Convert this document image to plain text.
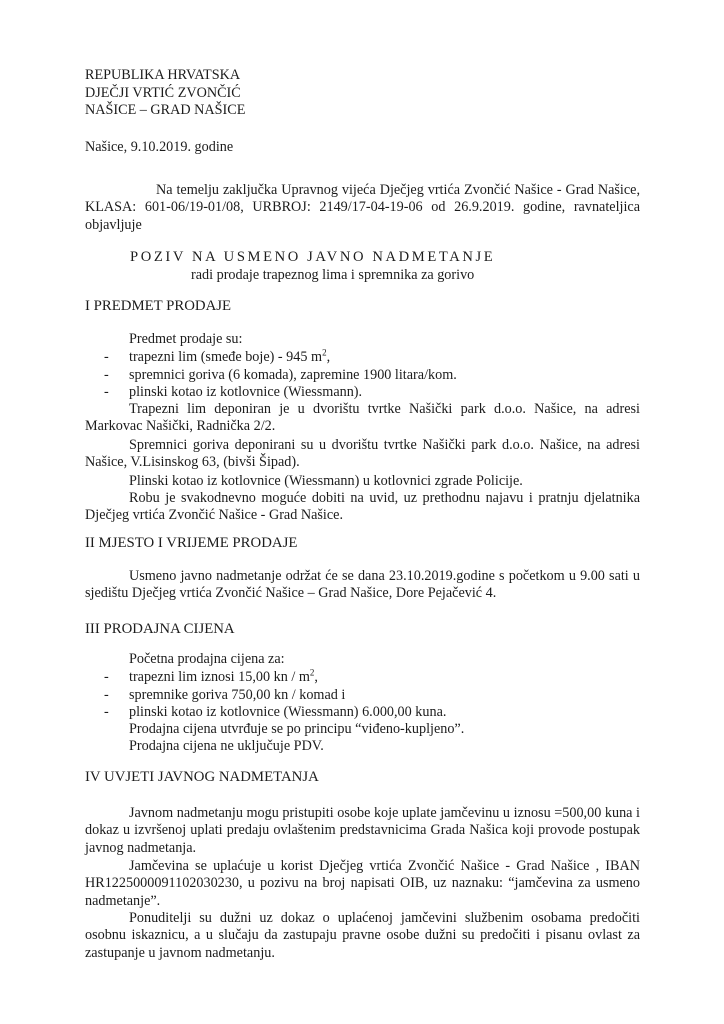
REPUBLIKA HRVATSKA
DJEČJI VRTIĆ ZVONČIĆ
NAŠICE – GRAD NAŠICE
Našice, 9.10.2019. godine
Na temelju zaključka Upravnog vijeća Dječjeg vrtića Zvončić Našice - Grad Našice, KLASA: 601-06/19-01/08, URBROJ: 2149/17-04-19-06 od 26.9.2019. godine, ravnateljica objavljuje
POZIV NA USMENO JAVNO NADMETANJE
radi prodaje trapeznog lima i spremnika za gorivo
I PREDMET PRODAJE
Predmet prodaje su:
- trapezni lim (smeđe boje) - 945 $m^2$,
- spremnici goriva (6 komada), zapremine 1900 litara/kom.
- plinski kotao iz kotlovnice (Wiessmann).
Trapezni lim deponiran je u dvorištu tvrtke Našički park d.o.o. Našice, na adresi Markovac Našički, Radnička 2/2.
Spremnici goriva deponirani su u dvorištu tvrtke Našički park d.o.o. Našice, na adresi Našice, V.Lisinskog 63, (bivši Šipad).
Plinski kotao iz kotlovnice (Wiessmann) u kotlovnici zgrade Policije.
Robu je svakodnevno moguće dobiti na uvid, uz prethodnu najavu i pratnju djelatnika Dječjeg vrtića Zvončić Našice - Grad Našice.
II MJESTO I VRIJEME PRODAJE
Usmeno javno nadmetanje održat će se dana 23.10.2019.godine s početkom u 9.00 sati u sjedištu Dječjeg vrtića Zvončić Našice – Grad Našice, Dore Pejačević 4.
III PRODAJNA CIJENA
Početna prodajna cijena za:
- trapezni lim iznosi 15,00 kn / $m^2$,
- spremnike goriva 750,00 kn / komad i
- plinski kotao iz kotlovnice (Wiessmann) 6.000,00 kuna.
Prodajna cijena utvrđuje se po principu “viđeno-kupljeno”.
Prodajna cijena ne uključuje PDV.
IV UVJETI JAVNOG NADMETANJA
Javnom nadmetanju mogu pristupiti osobe koje uplate jamčevinu u iznosu =500,00 kuna i dokaz u izvršenoj uplati predaju ovlaštenim predstavnicima Grada Našica koji provode postupak javnog nadmetanja.
Jamčevina se uplaćuje u korist Dječjeg vrtića Zvončić Našice - Grad Našice , IBAN HR1225000091102030230, u pozivu na broj napisati OIB, uz naznaku: “jamčevina za usmeno nadmetanje”.
Ponuditelji su dužni uz dokaz o uplaćenoj jamčevini službenim osobama predočiti osobnu iskaznicu, a u slučaju da zastupaju pravne osobe dužni su predočiti i pisanu ovlast za zastupanje u javnom nadmetanju.
